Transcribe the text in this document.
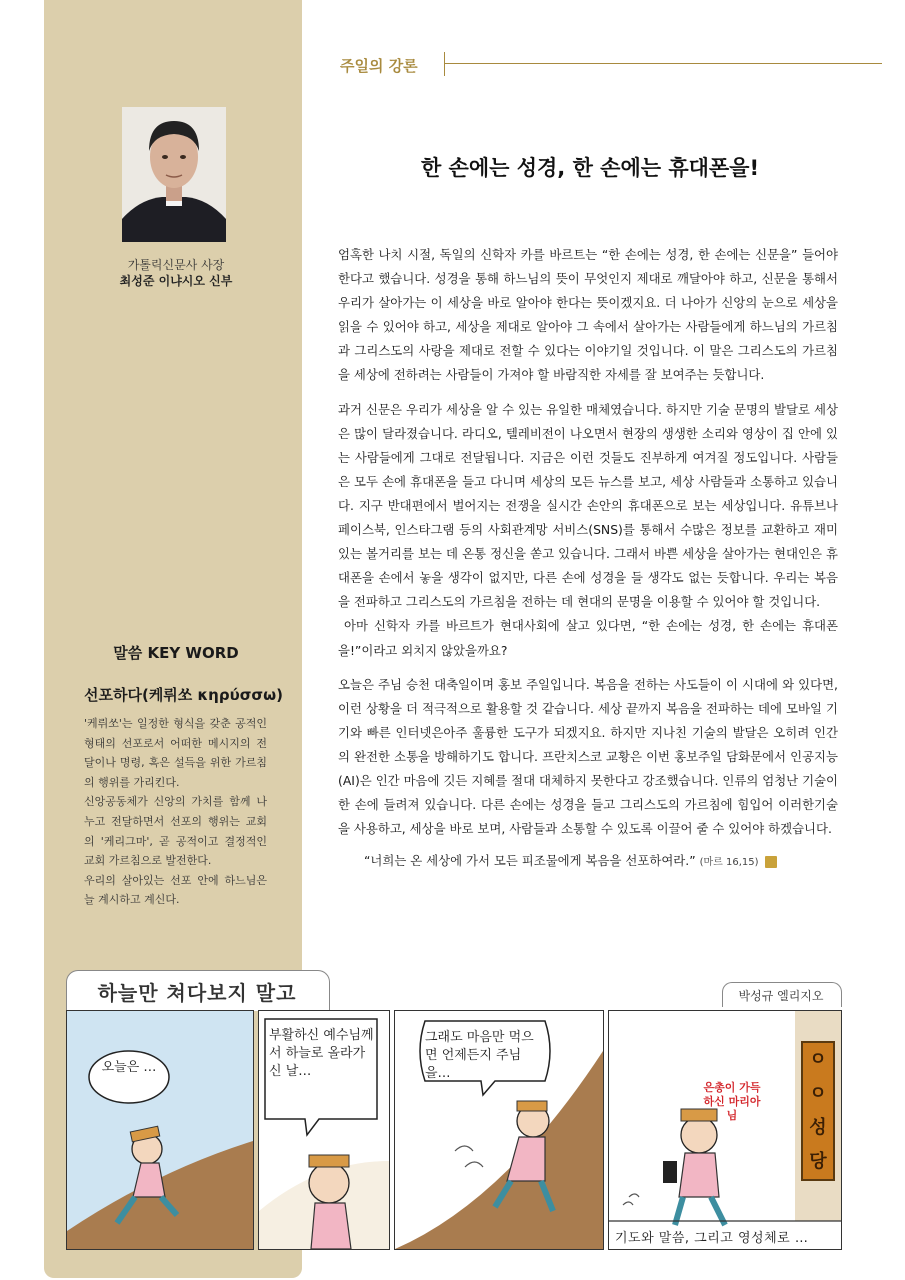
가톨릭신문사 사장
최성준 이냐시오 신부
말씀 KEY WORD
선포하다(케뤼쏘 κηρύσσω)

'케뤼쏘'는 일정한 형식을 갖춘 공적인 형태의 선포로서 어떠한 메시지의 전달이나 명령, 혹은 설득을 위한 가르침의 행위를 가리킨다.

신앙공동체가 신앙의 가치를 함께 나누고 전달하면서 선포의 행위는 교회의 '케리그마', 곧 공적이고 결정적인 교회 가르침으로 발전한다.

우리의 살아있는 선포 안에 하느님은 늘 계시하고 계신다.

주일의 강론
한 손에는 성경, 한 손에는 휴대폰을!

엄혹한 나치 시절, 독일의 신학자 카를 바르트는 “한 손에는 성경, 한 손에는 신문을” 들어야 한다고 했습니다. 성경을 통해 하느님의 뜻이 무엇인지 제대로 깨달아야 하고, 신문을 통해서 우리가 살아가는 이 세상을 바로 알아야 한다는 뜻이겠지요. 더 나아가 신앙의 눈으로 세상을 읽을 수 있어야 하고, 세상을 제대로 알아야 그 속에서 살아가는 사람들에게 하느님의 가르침과 그리스도의 사랑을 제대로 전할 수 있다는 이야기일 것입니다. 이 말은 그리스도의 가르침을 세상에 전하려는 사람들이 가져야 할 바람직한 자세를 잘 보여주는 듯합니다.

과거 신문은 우리가 세상을 알 수 있는 유일한 매체였습니다. 하지만 기술 문명의 발달로 세상은 많이 달라졌습니다. 라디오, 텔레비전이 나오면서 현장의 생생한 소리와 영상이 집 안에 있는 사람들에게 그대로 전달됩니다. 지금은 이런 것들도 진부하게 여겨질 정도입니다. 사람들은 모두 손에 휴대폰을 들고 다니며 세상의 모든 뉴스를 보고, 세상 사람들과 소통하고 있습니다. 지구 반대편에서 벌어지는 전쟁을 실시간 손안의 휴대폰으로 보는 세상입니다. 유튜브나 페이스북, 인스타그램 등의 사회관계망 서비스(SNS)를 통해서 수많은 정보를 교환하고 재미있는 볼거리를 보는 데 온통 정신을 쏟고 있습니다. 그래서 바쁜 세상을 살아가는 현대인은 휴대폰을 손에서 놓을 생각이 없지만, 다른 손에 성경을 들 생각도 없는 듯합니다. 우리는 복음을 전파하고 그리스도의 가르침을 전하는 데 현대의 문명을 이용할 수 있어야 할 것입니다.

아마 신학자 카를 바르트가 현대사회에 살고 있다면, “한 손에는 성경, 한 손에는 휴대폰을!”이라고 외치지 않았을까요?

오늘은 주님 승천 대축일이며 홍보 주일입니다. 복음을 전하는 사도들이 이 시대에 와 있다면, 이런 상황을 더 적극적으로 활용할 것 같습니다. 세상 끝까지 복음을 전파하는 데에 모바일 기기와 빠른 인터넷은아주 훌륭한 도구가 되겠지요. 하지만 지나친 기술의 발달은 오히려 인간의 완전한 소통을 방해하기도 합니다. 프란치스코 교황은 이번 홍보주일 담화문에서 인공지능(AI)은 인간 마음에 깃든 지혜를 절대 대체하지 못한다고 강조했습니다. 인류의 엄청난 기술이 한 손에 들려져 있습니다. 다른 손에는 성경을 들고 그리스도의 가르침에 힘입어 이러한기술을 사용하고, 세상을 바로 보며, 사람들과 소통할 수 있도록 이끌어 줄 수 있어야 하겠습니다.

“너희는 온 세상에 가서 모든 피조물에게 복음을 선포하여라.” (마르 16,15)
하늘만 쳐다보지 말고	박성규 엘리지오
오늘은 …
부활하신 예수님께서 하늘로 올라가신 날…
그래도 마음만 먹으면 언제든지 주님을…
ㅇㅇ성당
은총이 가득하신 마리아님
기도와 말씀, 그리고 영성체로 …
